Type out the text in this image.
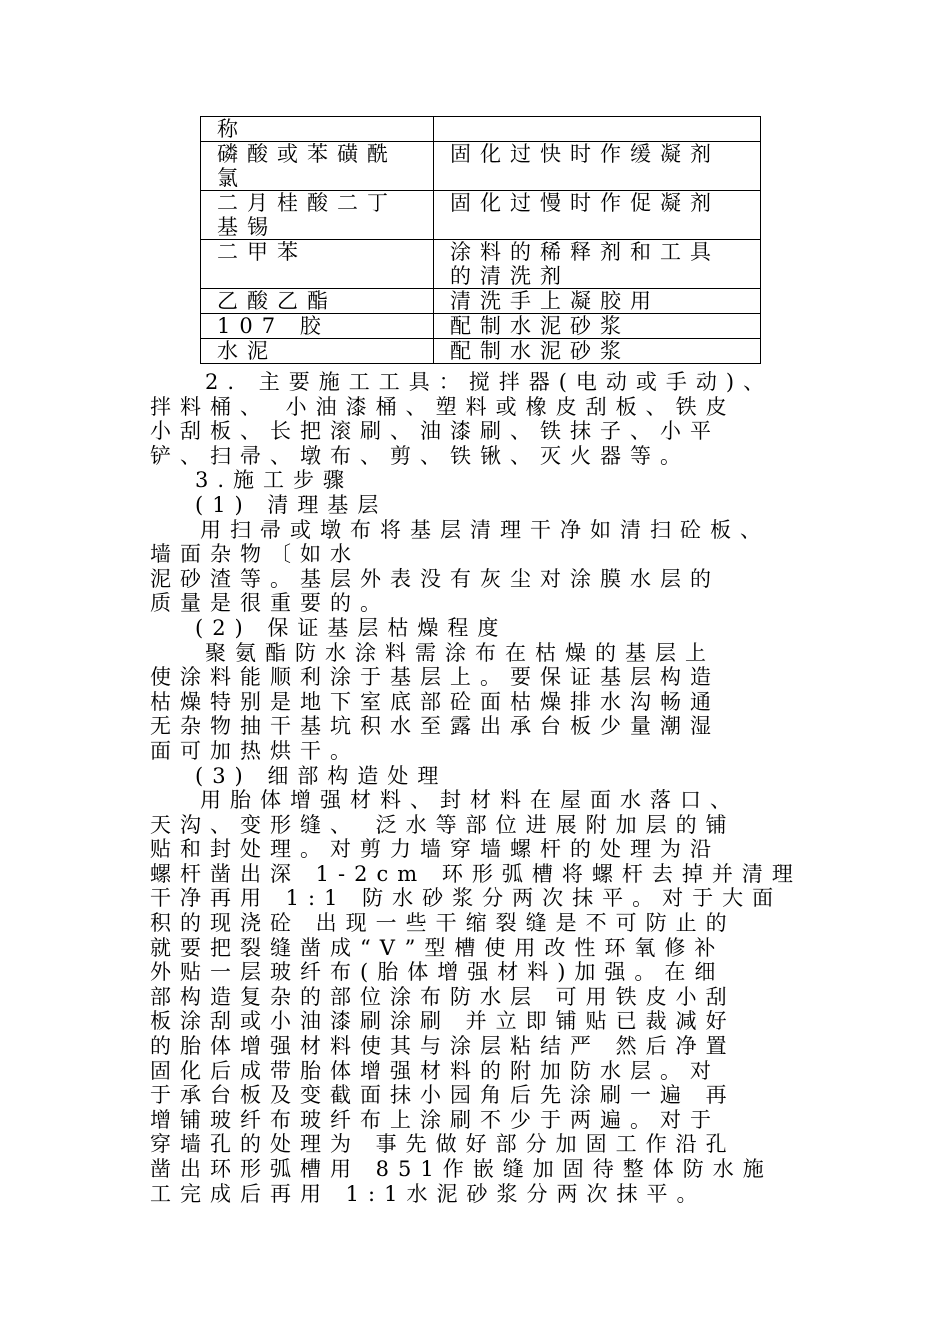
称	
磷酸或苯磺酰氯	固化过快时作缓凝剂
二月桂酸二丁基锡	固化过慢时作促凝剂
二甲苯	涂料的稀释剂和工具的清洗剂
乙酸乙酯	清洗手上凝胶用
107 胶	配制水泥砂浆
水泥	配制水泥砂浆
2. 主要施工工具：搅拌器(电动或手动)、
拌料桶、 小油漆桶、塑料或橡皮刮板、铁皮
小刮板、长把滚刷、油漆刷、铁抹子、小平
铲、扫帚、墩布、剪、铁锹、灭火器等。
3.施工步骤
(1) 清理基层
用扫帚或墩布将基层清理干净如清扫砼板、
墙面杂物〔如水
泥砂渣等。基层外表没有灰尘对涂膜水层的
质量是很重要的。
(2) 保证基层枯燥程度
聚氨酯防水涂料需涂布在枯燥的基层上
使涂料能顺利涂于基层上。要保证基层构造
枯燥特别是地下室底部砼面枯燥排水沟畅通
无杂物抽干基坑积水至露出承台板少量潮湿
面可加热烘干。
(3) 细部构造处理
用胎体增强材料、封材料在屋面水落口、
天沟、变形缝、 泛水等部位进展附加层的铺
贴和封处理。对剪力墙穿墙螺杆的处理为沿
螺杆凿出深 1-2cm 环形弧槽将螺杆去掉并清理
干净再用 1:1 防水砂浆分两次抹平。对于大面
积的现浇砼 出现一些干缩裂缝是不可防止的
就要把裂缝凿成“V”型槽使用改性环氧修补
外贴一层玻纤布(胎体增强材料)加强。在细
部构造复杂的部位涂布防水层 可用铁皮小刮
板涂刮或小油漆刷涂刷 并立即铺贴已裁减好
的胎体增强材料使其与涂层粘结严 然后净置
固化后成带胎体增强材料的附加防水层。对
于承台板及变截面抹小园角后先涂刷一遍 再
增铺玻纤布玻纤布上涂刷不少于两遍。对于
穿墙孔的处理为 事先做好部分加固工作沿孔
凿出环形弧槽用 851作嵌缝加固待整体防水施
工完成后再用 1:1水泥砂浆分两次抹平。
